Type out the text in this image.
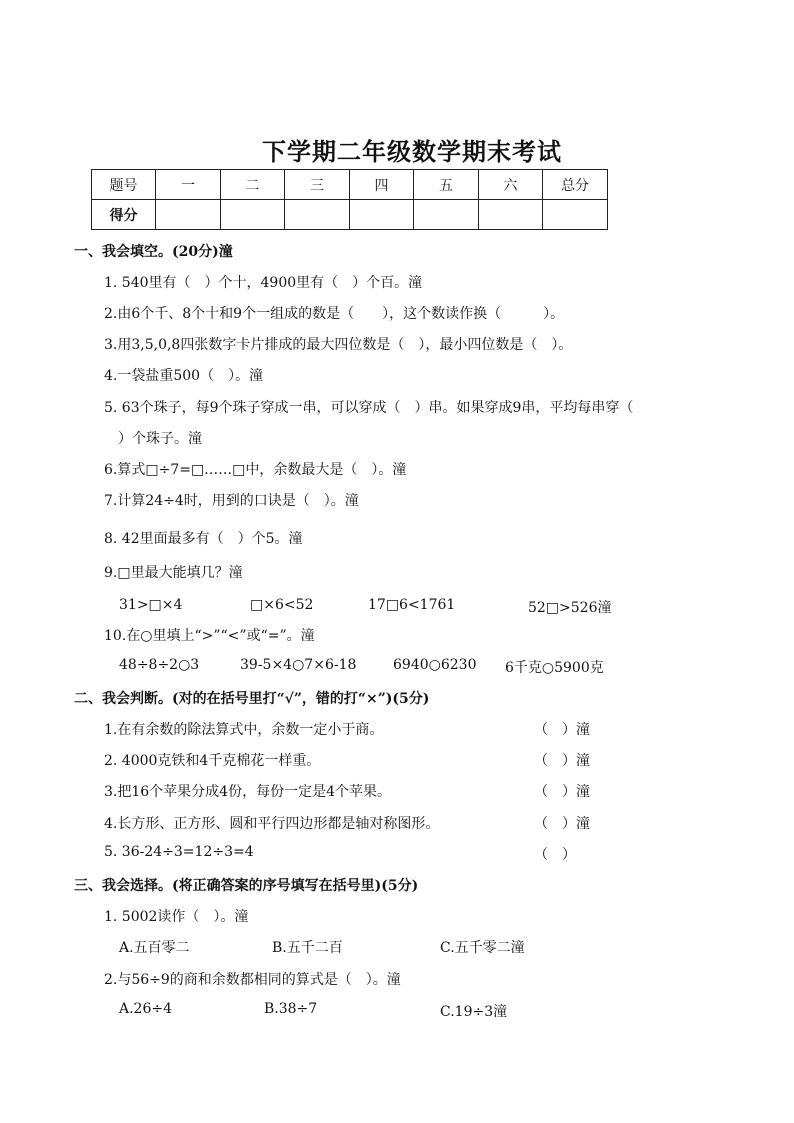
下学期二年级数学期末考试
题号	一	二	三	四	五	六	总分
得分							
一、我会填空。(20分)潼
1. 540里有（　）个十，4900里有（　）个百。潼
2.由6个千、8个十和9个一组成的数是（　　），这个数读作换（　　　）。
3.用3,5,0,8四张数字卡片排成的最大四位数是（　），最小四位数是（　）。
4.一袋盐重500（　）。潼
5. 63个珠子，每9个珠子穿成一串，可以穿成（　）串。如果穿成9串，平均每串穿（
）个珠子。潼
6.算式□÷7=□……□中，余数最大是（　）。潼
7.计算24÷4时，用到的口诀是（　）。潼
8. 42里面最多有（　）个5。潼
9.□里最大能填几？潼
31>□×4	□×6<52	17□6<1761	52□>526潼
10.在○里填上“>”“<”或“=”。潼
48÷8÷2○3	39-5×4○7×6-18	6940○6230 6千克○5900克
二、我会判断。(对的在括号里打“√”，错的打“×”)(5分)
1.在有余数的除法算式中，余数一定小于商。	（　）潼
2. 4000克铁和4千克棉花一样重。	（　）潼
3.把16个苹果分成4份，每份一定是4个苹果。	（　）潼
4.长方形、正方形、圆和平行四边形都是轴对称图形。	（　）潼
5. 36-24÷3=12÷3=4	（　）
三、我会选择。(将正确答案的序号填写在括号里)(5分)
1. 5002读作（　）。潼
A.五百零二	B.五千二百	C.五千零二潼
2.与56÷9的商和余数都相同的算式是（　）。潼
A.26÷4	B.38÷7	C.19÷3潼
